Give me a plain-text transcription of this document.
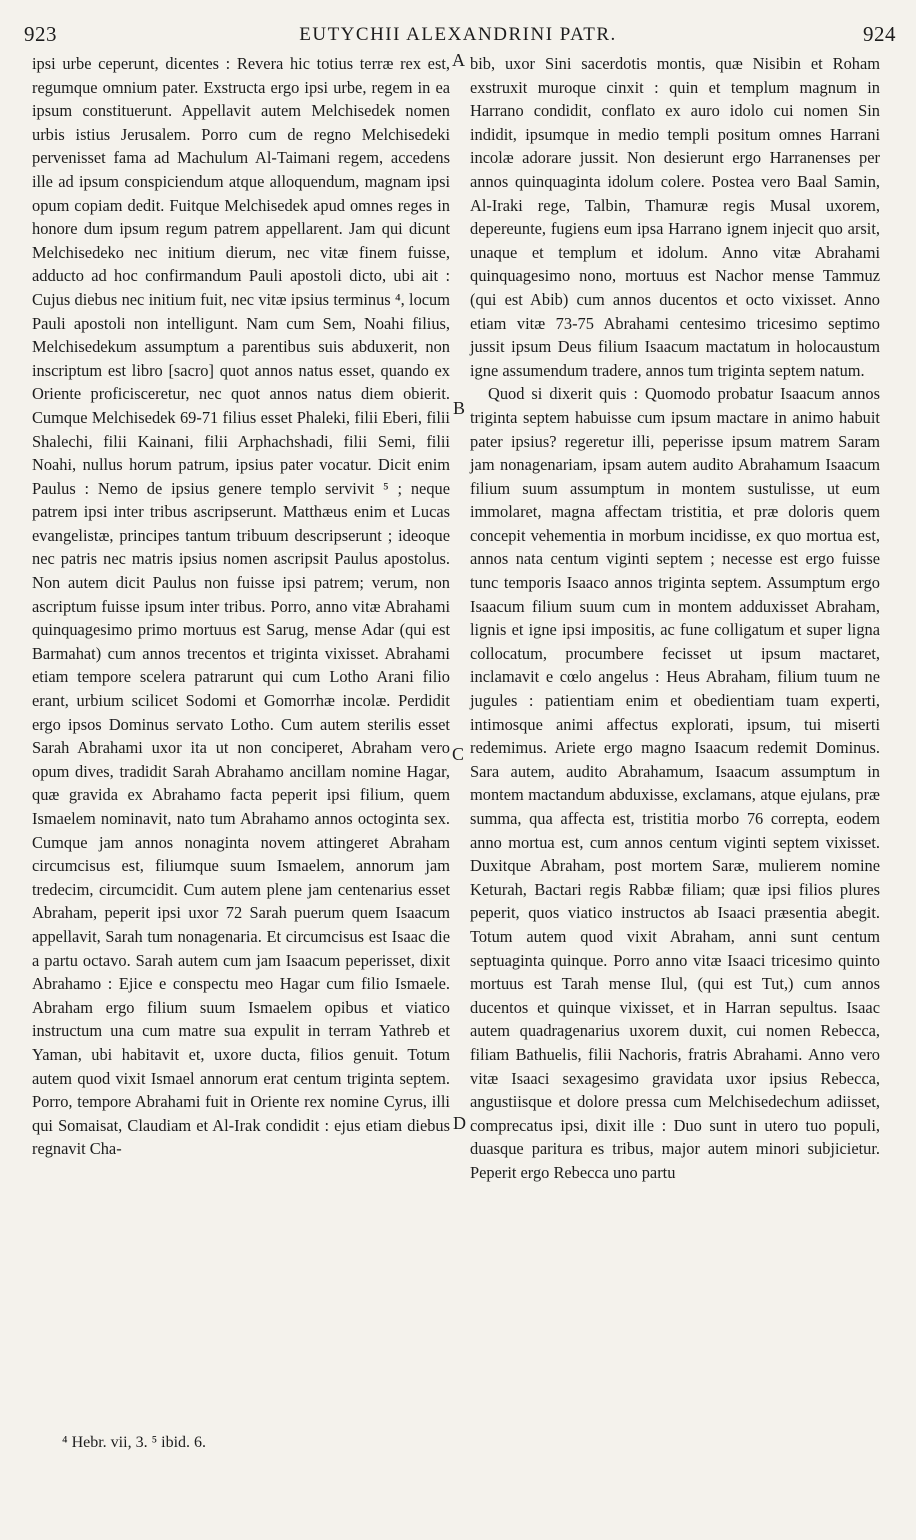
923	EUTYCHII ALEXANDRINI PATR.	924

ipsi urbe ceperunt, dicentes : Revera hic totius terræ rex est, regumque omnium pater. Exstructa ergo ipsi urbe, regem in ea ipsum constituerunt. Appellavit autem Melchisedek nomen urbis istius Jerusalem. Porro cum de regno Melchisedeki pervenisset fama ad Machulum Al-Taimani regem, accedens ille ad ipsum conspiciendum atque alloquendum, magnam ipsi opum copiam dedit. Fuitque Melchisedek apud omnes reges in honore dum ipsum regum patrem appellarent. Jam qui dicunt Melchisedeko nec initium dierum, nec vitæ finem fuisse, adducto ad hoc confirmandum Pauli apostoli dicto, ubi ait : Cujus diebus nec initium fuit, nec vitæ ipsius terminus ⁴, locum Pauli apostoli non intelligunt. Nam cum Sem, Noahi filius, Melchisedekum assumptum a parentibus suis abduxerit, non inscriptum est libro [sacro] quot annos natus esset, quando ex Oriente proficisceretur, nec quot annos natus diem obierit. Cumque Melchisedek 69-71 filius esset Phaleki, filii Eberi, filii Shalechi, filii Kainani, filii Arphachshadi, filii Semi, filii Noahi, nullus horum patrum, ipsius pater vocatur. Dicit enim Paulus : Nemo de ipsius genere templo servivit ⁵ ; neque patrem ipsi inter tribus ascripserunt. Matthæus enim et Lucas evangelistæ, principes tantum tribuum descripserunt ; ideoque nec patris nec matris ipsius nomen ascripsit Paulus apostolus. Non autem dicit Paulus non fuisse ipsi patrem; verum, non ascriptum fuisse ipsum inter tribus. Porro, anno vitæ Abrahami quinquagesimo primo mortuus est Sarug, mense Adar (qui est Barmahat) cum annos trecentos et triginta vixisset. Abrahami etiam tempore scelera patrarunt qui cum Lotho Arani filio erant, urbium scilicet Sodomi et Gomorrhæ incolæ. Perdidit ergo ipsos Dominus servato Lotho. Cum autem sterilis esset Sarah Abrahami uxor ita ut non conciperet, Abraham vero opum dives, tradidit Sarah Abrahamo ancillam nomine Hagar, quæ gravida ex Abrahamo facta peperit ipsi filium, quem Ismaelem nominavit, nato tum Abrahamo annos octoginta sex. Cumque jam annos nonaginta novem attingeret Abraham circumcisus est, filiumque suum Ismaelem, annorum jam tredecim, circumcidit. Cum autem plene jam centenarius esset Abraham, peperit ipsi uxor 72 Sarah puerum quem Isaacum appellavit, Sarah tum nonagenaria. Et circumcisus est Isaac die a partu octavo. Sarah autem cum jam Isaacum peperisset, dixit Abrahamo : Ejice e conspectu meo Hagar cum filio Ismaele. Abraham ergo filium suum Ismaelem opibus et viatico instructum una cum matre sua expulit in terram Yathreb et Yaman, ubi habitavit et, uxore ducta, filios genuit. Totum autem quod vixit Ismael annorum erat centum triginta septem. Porro, tempore Abrahami fuit in Oriente rex nomine Cyrus, illi qui Somaisat, Claudiam et Al-Irak condidit : ejus etiam diebus regnavit Cha-

bib, uxor Sini sacerdotis montis, quæ Nisibin et Roham exstruxit muroque cinxit : quin et templum magnum in Harrano condidit, conflato ex auro idolo cui nomen Sin indidit, ipsumque in medio templi positum omnes Harrani incolæ adorare jussit. Non desierunt ergo Harranenses per annos quinquaginta idolum colere. Postea vero Baal Samin, Al-Iraki rege, Talbin, Thamuræ regis Musal uxorem, depereunte, fugiens eum ipsa Harrano ignem injecit quo arsit, unaque et templum et idolum. Anno vitæ Abrahami quinquagesimo nono, mortuus est Nachor mense Tammuz (qui est Abib) cum annos ducentos et octo vixisset. Anno etiam vitæ 73-75 Abrahami centesimo tricesimo septimo jussit ipsum Deus filium Isaacum mactatum in holocaustum igne assumendum tradere, annos tum triginta septem natum.

Quod si dixerit quis : Quomodo probatur Isaacum annos triginta septem habuisse cum ipsum mactare in animo habuit pater ipsius? regeretur illi, peperisse ipsum matrem Saram jam nonagenariam, ipsam autem audito Abrahamum Isaacum filium suum assumptum in montem sustulisse, ut eum immolaret, magna affectam tristitia, et præ doloris quem concepit vehementia in morbum incidisse, ex quo mortua est, annos nata centum viginti septem ; necesse est ergo fuisse tunc temporis Isaaco annos triginta septem. Assumptum ergo Isaacum filium suum cum in montem adduxisset Abraham, lignis et igne ipsi impositis, ac fune colligatum et super ligna collocatum, procumbere fecisset ut ipsum mactaret, inclamavit e cœlo angelus : Heus Abraham, filium tuum ne jugules : patientiam enim et obedientiam tuam experti, intimosque animi affectus explorati, ipsum, tui miserti redemimus. Ariete ergo magno Isaacum redemit Dominus. Sara autem, audito Abrahamum, Isaacum assumptum in montem mactandum abduxisse, exclamans, atque ejulans, præ summa, qua affecta est, tristitia morbo 76 correpta, eodem anno mortua est, cum annos centum viginti septem vixisset. Duxitque Abraham, post mortem Saræ, mulierem nomine Keturah, Bactari regis Rabbæ filiam; quæ ipsi filios plures peperit, quos viatico instructos ab Isaaci præsentia abegit. Totum autem quod vixit Abraham, anni sunt centum septuaginta quinque. Porro anno vitæ Isaaci tricesimo quinto mortuus est Tarah mense Ilul, (qui est Tut,) cum annos ducentos et quinque vixisset, et in Harran sepultus. Isaac autem quadragenarius uxorem duxit, cui nomen Rebecca, filiam Bathuelis, filii Nachoris, fratris Abrahami. Anno vero vitæ Isaaci sexagesimo gravidata uxor ipsius Rebecca, angustiisque et dolore pressa cum Melchisedechum adiisset, comprecatus ipsi, dixit ille : Duo sunt in utero tuo populi, duasque paritura es tribus, major autem minori subjicietur. Peperit ergo Rebecca uno partu

A
B
C
D
⁴ Hebr. vii, 3. ⁵ ibid. 6.
